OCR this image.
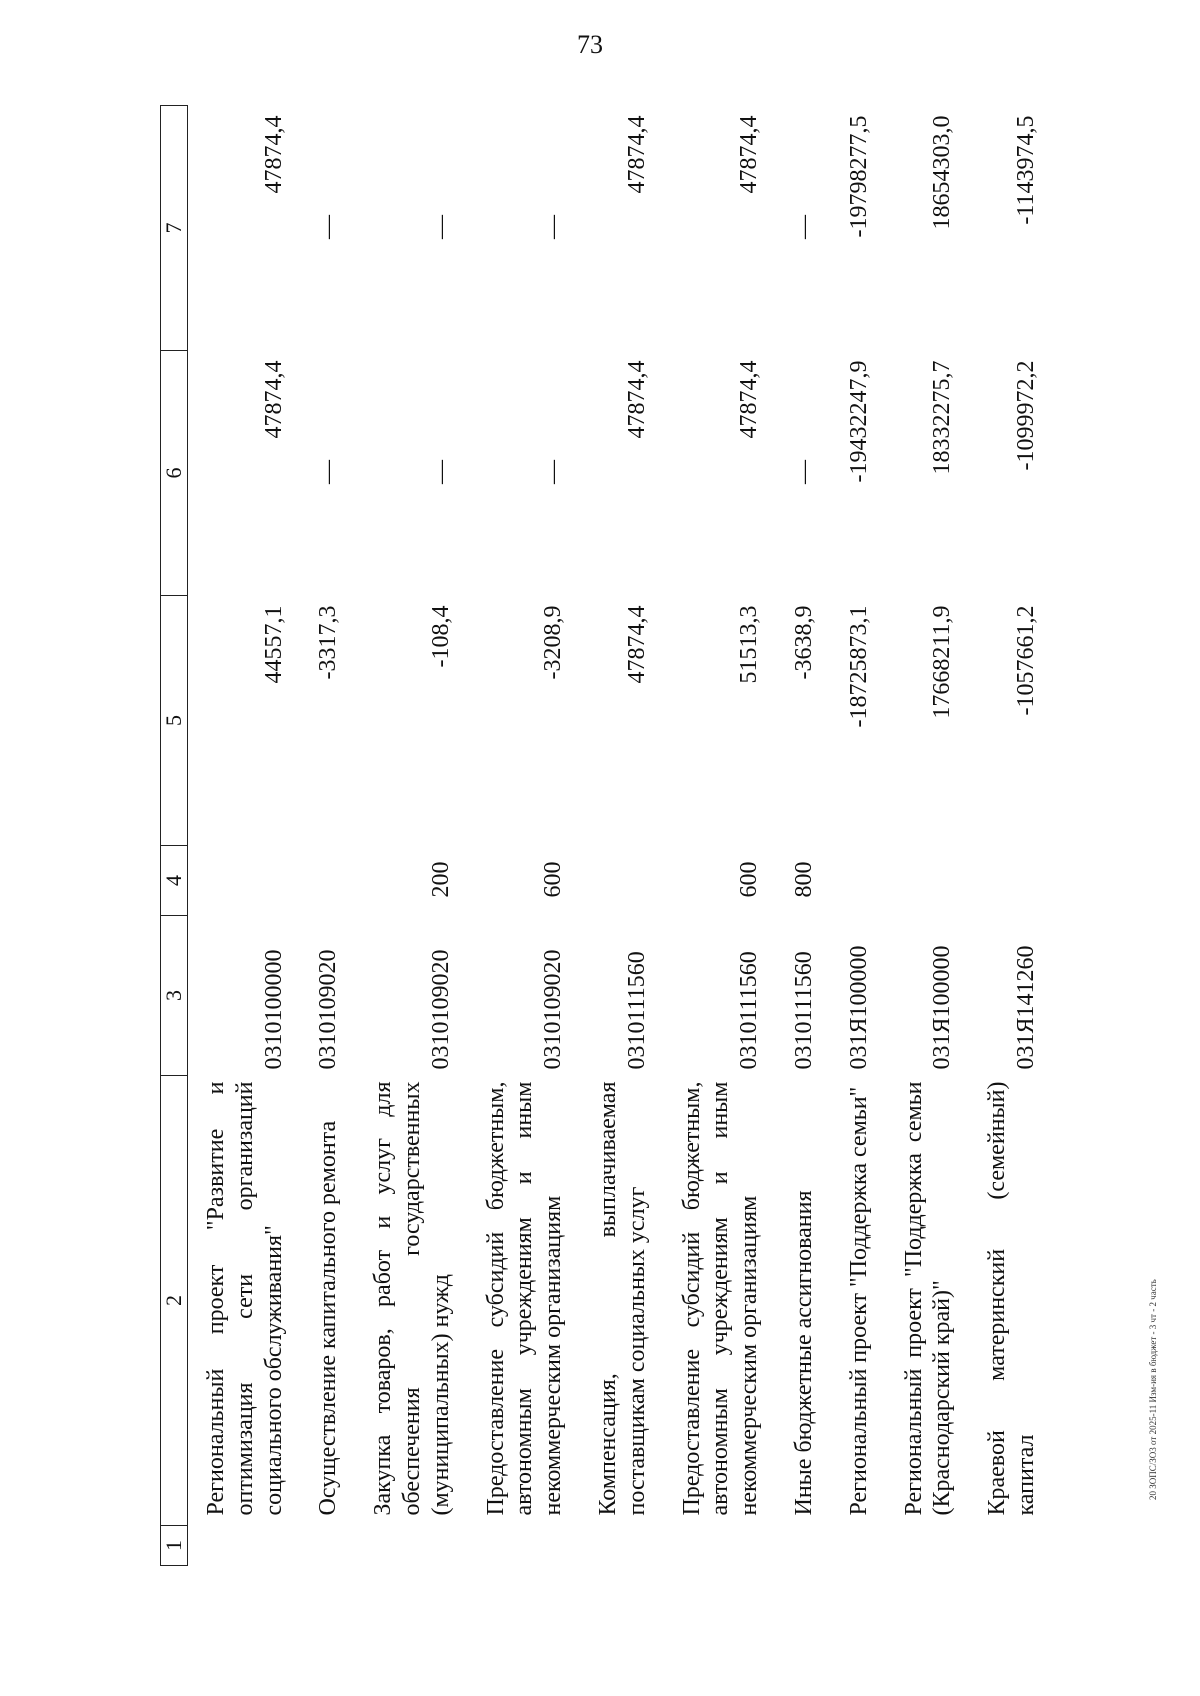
73
1	2	3	4	5	6	7
	Региональный проект "Развитие и оптимизация сети организаций социального обслуживания"	0310100000		44557,1	47874,4	47874,4
	Осуществление капитального ремонта	0310109020		-3317,3	—	—
	Закупка товаров, работ и услуг для обеспечения государственных (муниципальных) нужд	0310109020	200	-108,4	—	—
	Предоставление субсидий бюджетным, автономным учреждениям и иным некоммерческим организациям	0310109020	600	-3208,9	—	—
	Компенсация, выплачиваемая поставщикам социальных услуг	0310111560		47874,4	47874,4	47874,4
	Предоставление субсидий бюджетным, автономным учреждениям и иным некоммерческим организациям	0310111560	600	51513,3	47874,4	47874,4
	Иные бюджетные ассигнования	0310111560	800	-3638,9	—	—
	Региональный проект "Поддержка семьи"	031Я100000		-18725873,1	-19432247,9	-19798277,5
	Региональный проект "Поддержка семьи (Краснодарский край)"	031Я100000		17668211,9	18332275,7	18654303,0
	Краевой материнский (семейный) капитал	031Я141260		-1057661,2	-1099972,2	-1143974,5
20 ЗОПС/ЗО3 от 2025-11 Изм-ия в бюджет - 3 чт - 2 часть
